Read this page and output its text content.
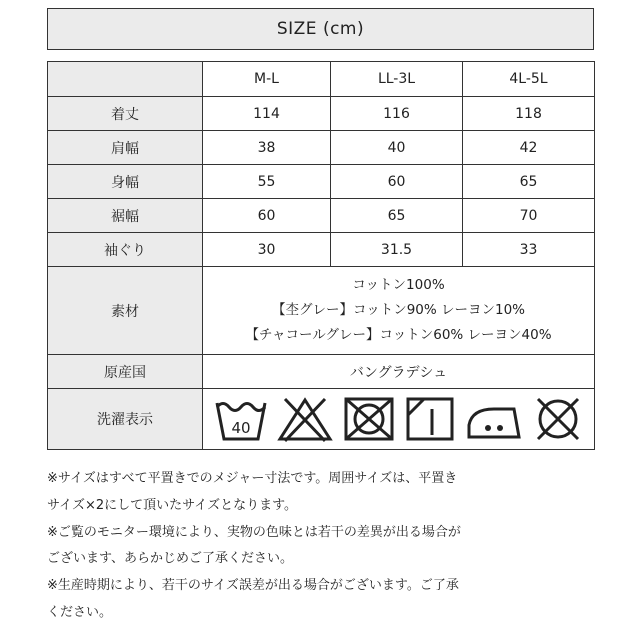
SIZE (cm)
	M-L	LL-3L	4L-5L
着丈	114	116	118
肩幅	38	40	42
身幅	55	60	65
裾幅	60	65	70
袖ぐり	30	31.5	33
素材	コットン100%
【杢グレー】コットン90% レーヨン10%
【チャコールグレー】コットン60% レーヨン40%		

原産国	バングラデシュ		
洗濯表示	40		
※サイズはすべて平置きでのメジャー寸法です。周囲サイズは、平置き
サイズ×2にして頂いたサイズとなります。
※ご覧のモニター環境により、実物の色味とは若干の差異が出る場合が
ございます、あらかじめご了承ください。
※生産時期により、若干のサイズ誤差が出る場合がございます。ご了承
ください。
